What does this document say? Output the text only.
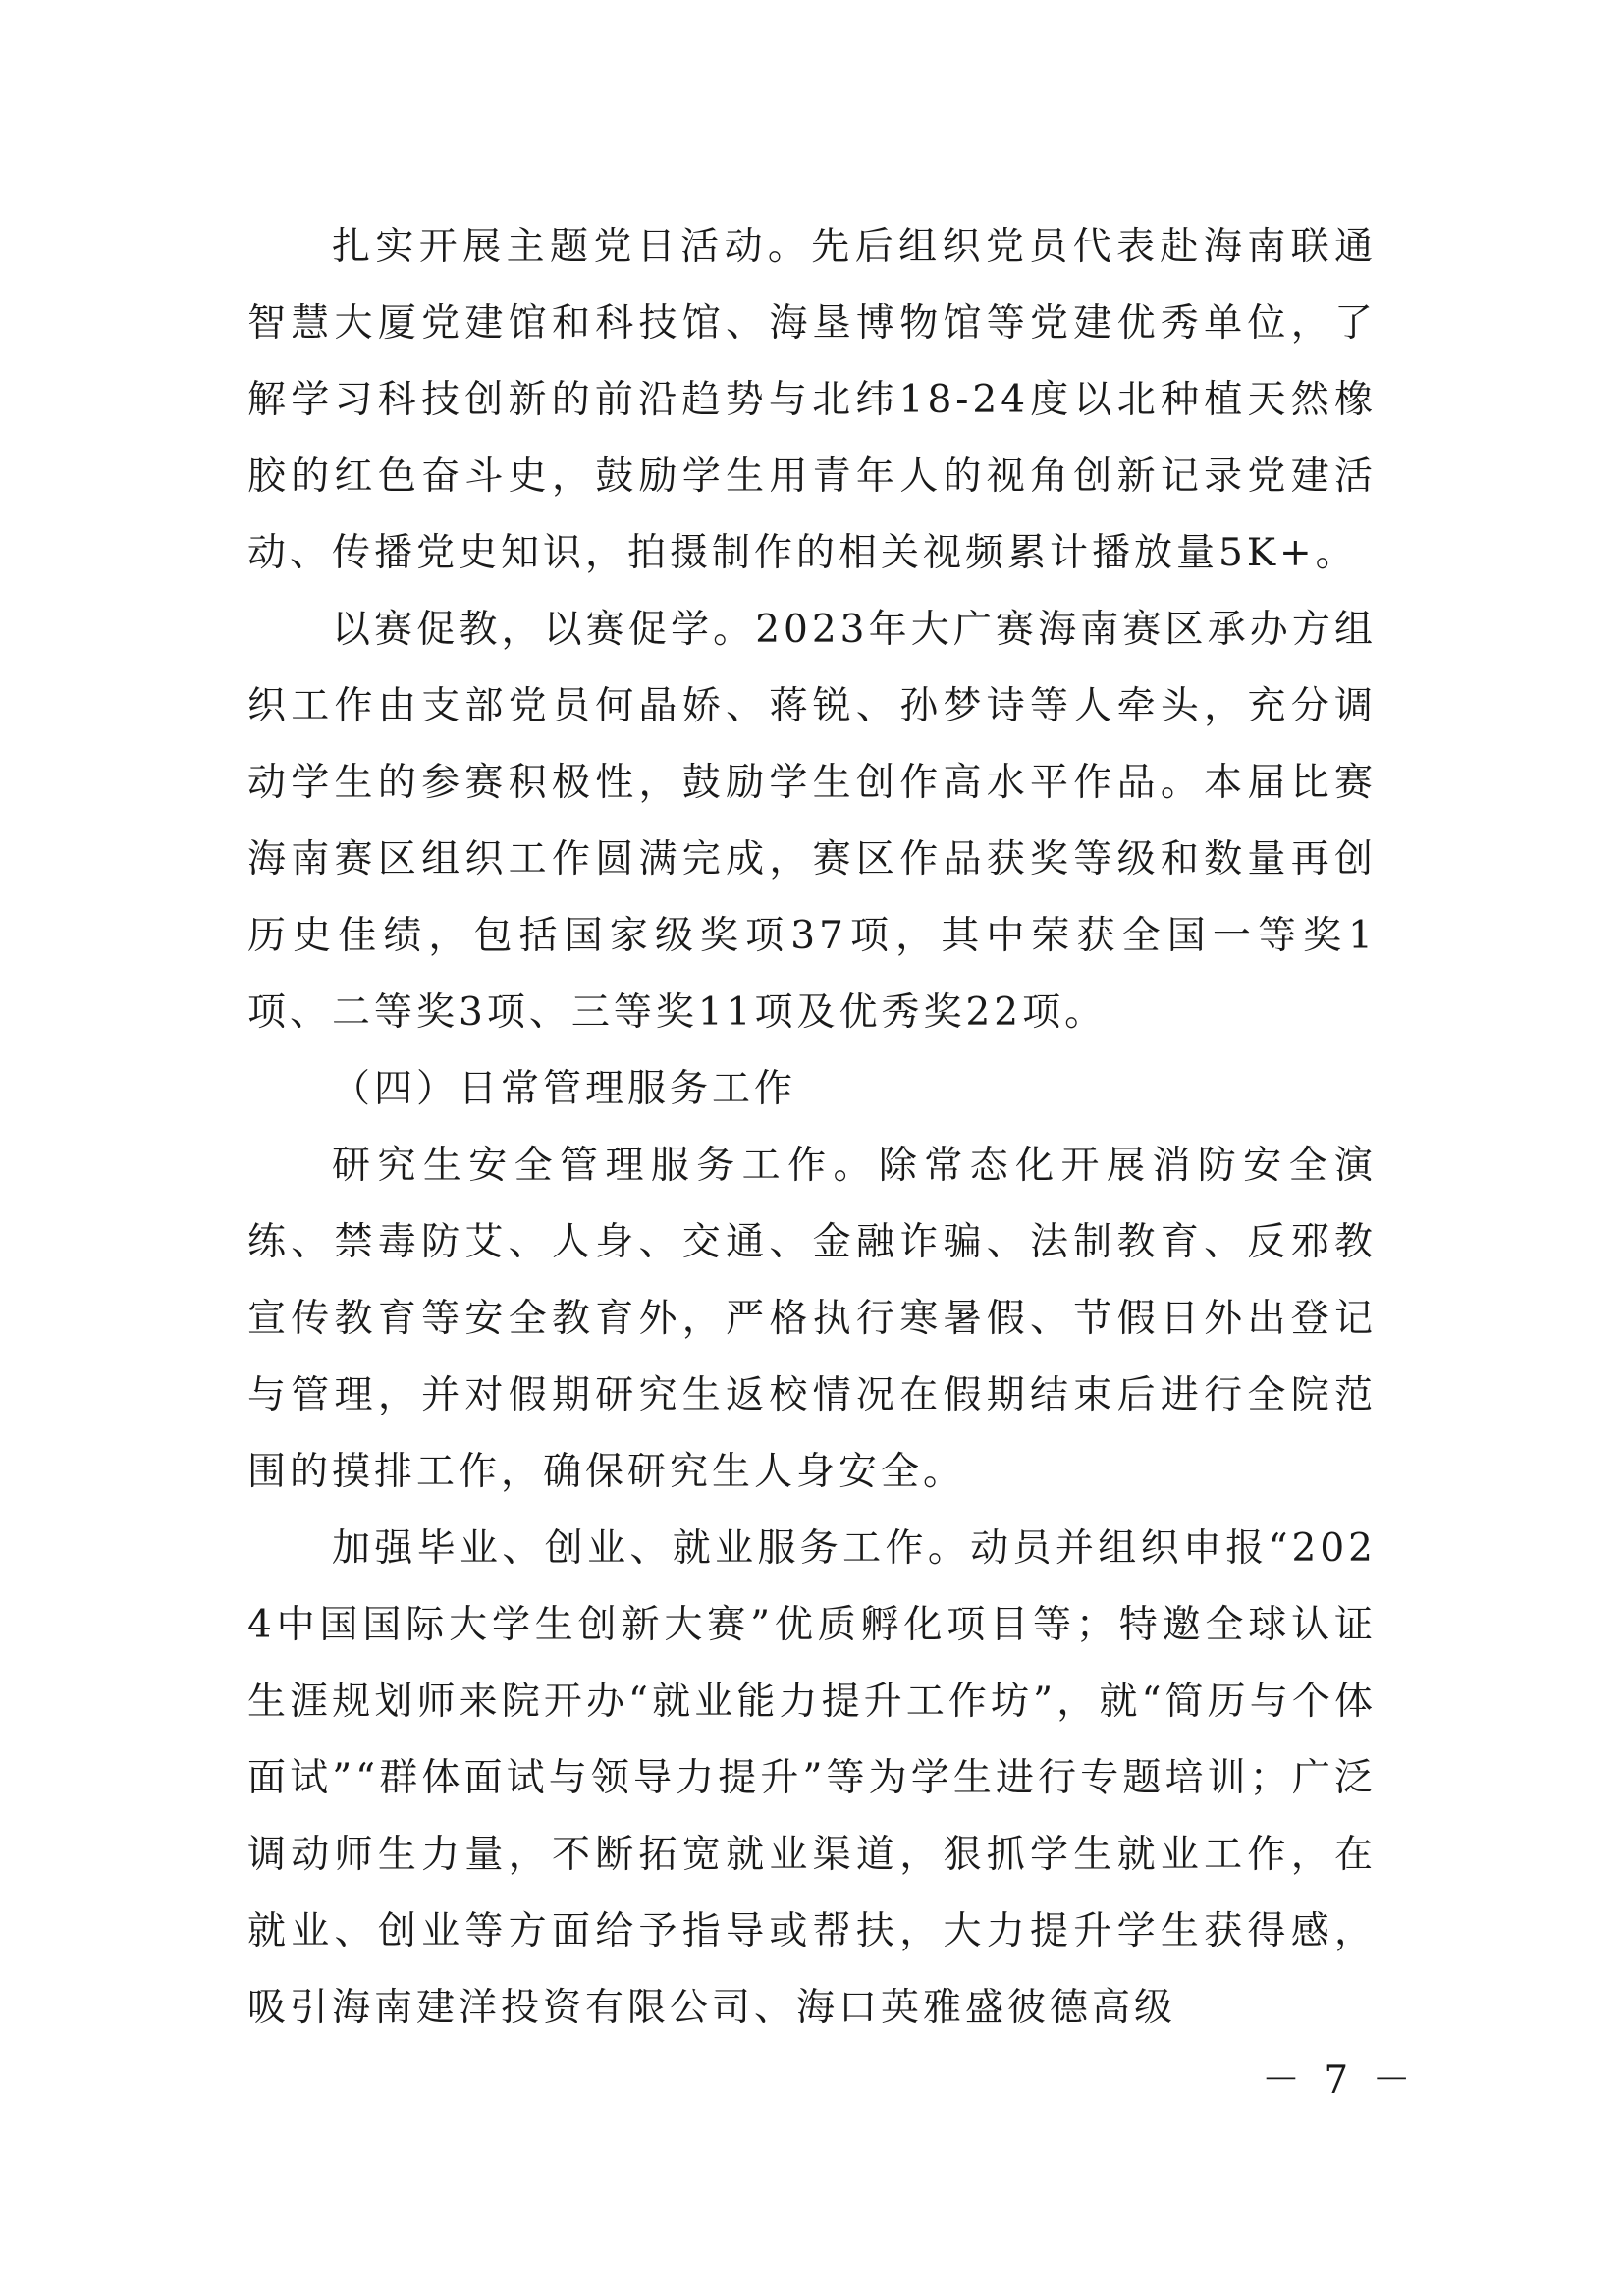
扎实开展主题党日活动。先后组织党员代表赴海南联通智慧大厦党建馆和科技馆、海垦博物馆等党建优秀单位，了解学习科技创新的前沿趋势与北纬18-24度以北种植天然橡胶的红色奋斗史，鼓励学生用青年人的视角创新记录党建活动、传播党史知识，拍摄制作的相关视频累计播放量5K+。

以赛促教，以赛促学。2023年大广赛海南赛区承办方组织工作由支部党员何晶娇、蒋锐、孙梦诗等人牵头，充分调动学生的参赛积极性，鼓励学生创作高水平作品。本届比赛海南赛区组织工作圆满完成，赛区作品获奖等级和数量再创历史佳绩，包括国家级奖项37项，其中荣获全国一等奖1项、二等奖3项、三等奖11项及优秀奖22项。

（四）日常管理服务工作

研究生安全管理服务工作。除常态化开展消防安全演练、禁毒防艾、人身、交通、金融诈骗、法制教育、反邪教宣传教育等安全教育外，严格执行寒暑假、节假日外出登记与管理，并对假期研究生返校情况在假期结束后进行全院范围的摸排工作，确保研究生人身安全。

加强毕业、创业、就业服务工作。动员并组织申报“2024中国国际大学生创新大赛”优质孵化项目等；特邀全球认证生涯规划师来院开办“就业能力提升工作坊”，就“简历与个体面试”“群体面试与领导力提升”等为学生进行专题培训；广泛调动师生力量，不断拓宽就业渠道，狠抓学生就业工作，在就业、创业等方面给予指导或帮扶，大力提升学生获得感，吸引海南建洋投资有限公司、海口英雅盛彼德高级

－ 7 －
